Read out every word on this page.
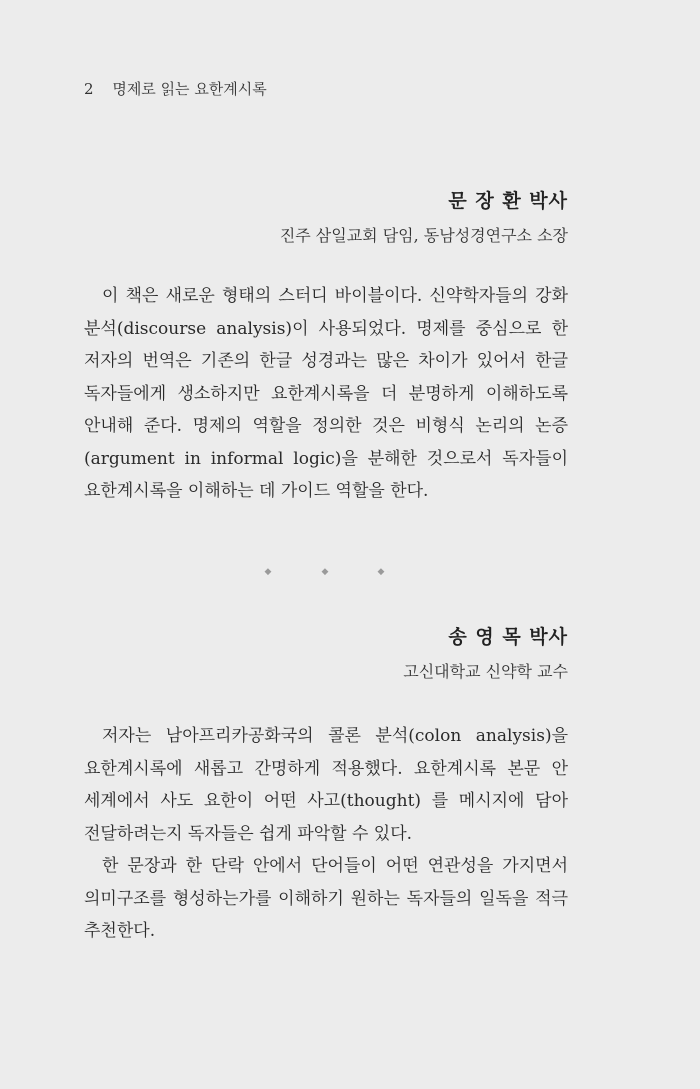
2 명제로 읽는 요한계시록
문 장 환 박사
진주 삼일교회 담임, 동남성경연구소 소장

이 책은 새로운 형태의 스터디 바이블이다. 신약학자들의 강화 분석(discourse analysis)이 사용되었다. 명제를 중심으로 한 저자의 번역은 기존의 한글 성경과는 많은 차이가 있어서 한글 독자들에게 생소하지만 요한계시록을 더 분명하게 이해하도록 안내해 준다. 명제의 역할을 정의한 것은 비형식 논리의 논증(argument in informal logic)을 분해한 것으로서 독자들이 요한계시록을 이해하는 데 가이드 역할을 한다.

◆	◆	◆
송 영 목 박사
고신대학교 신약학 교수

저자는 남아프리카공화국의 콜론 분석(colon analysis)을 요한계시록에 새롭고 간명하게 적용했다. 요한계시록 본문 안 세계에서 사도 요한이 어떤 사고(thought) 를 메시지에 담아 전달하려는지 독자들은 쉽게 파악할 수 있다.

한 문장과 한 단락 안에서 단어들이 어떤 연관성을 가지면서 의미구조를 형성하는가를 이해하기 원하는 독자들의 일독을 적극 추천한다.
